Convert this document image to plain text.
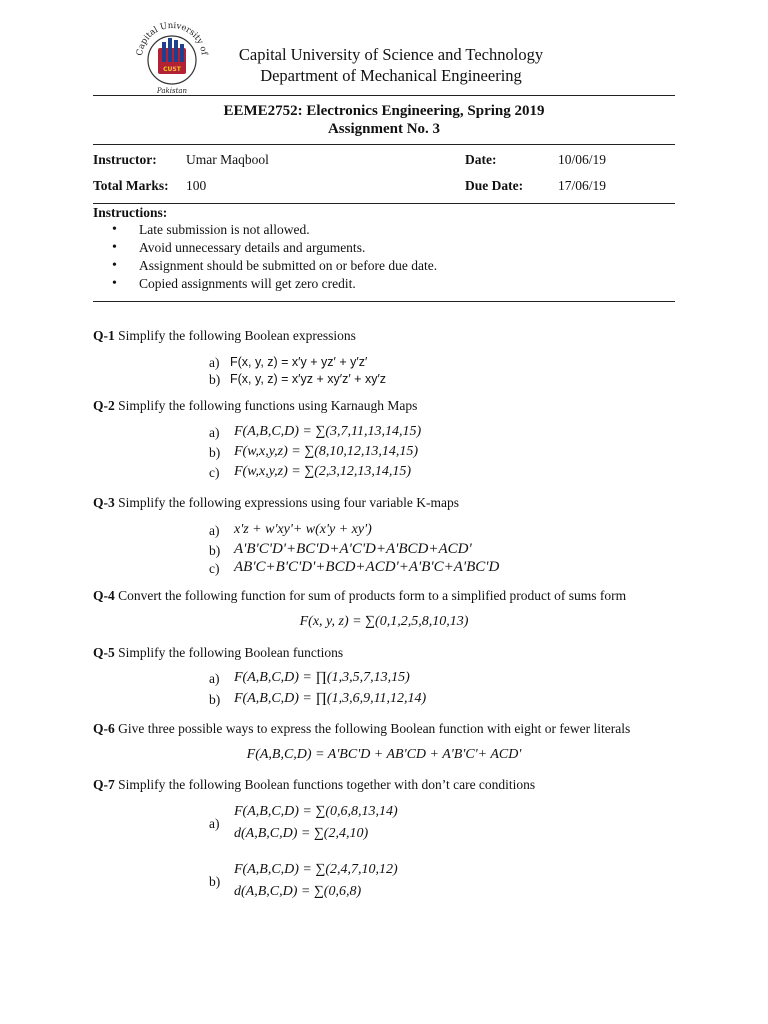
Capital University of
CUST
Pakistan
Capital University of Science and Technology
Department of Mechanical Engineering
EEME2752: Electronics Engineering, Spring 2019
Assignment No. 3
Instructor: Umar Maqbool	Date:	10/06/19
Total Marks: 100	Due Date:	17/06/19
Instructions:
• Late submission is not allowed.
• Avoid unnecessary details and arguments.
• Assignment should be submitted on or before due date.
• Copied assignments will get zero credit.
Q-1 Simplify the following Boolean expressions
a) F(x, y, z) = x′y + yz′ + y′z′
b) F(x, y, z) = x′yz + xy′z′ + xy′z
Q-2 Simplify the following functions using Karnaugh Maps
a) F(A,B,C,D) = ∑(3,7,11,13,14,15)
b) F(w,x,y,z) = ∑(8,10,12,13,14,15)
c) F(w,x,y,z) = ∑(2,3,12,13,14,15)
Q-3 Simplify the following expressions using four variable K-maps
a) x'z + w'xy'+ w(x'y + xy')
b) A'B'C'D'+BC'D+A'C'D+A'BCD+ACD'
c) AB'C+B'C'D'+BCD+ACD'+A'B'C+A'BC'D
Q-4 Convert the following function for sum of products form to a simplified product of sums form
F(x, y, z) = ∑(0,1,2,5,8,10,13)
Q-5 Simplify the following Boolean functions
a) F(A,B,C,D) = ∏(1,3,5,7,13,15)
b) F(A,B,C,D) = ∏(1,3,6,9,11,12,14)
Q-6 Give three possible ways to express the following Boolean function with eight or fewer literals
F(A,B,C,D) = A'BC'D + AB'CD + A'B'C'+ ACD'
Q-7 Simplify the following Boolean functions together with don’t care conditions
a)
F(A,B,C,D) = ∑(0,6,8,13,14)
d(A,B,C,D) = ∑(2,4,10)
b)
F(A,B,C,D) = ∑(2,4,7,10,12)
d(A,B,C,D) = ∑(0,6,8)
